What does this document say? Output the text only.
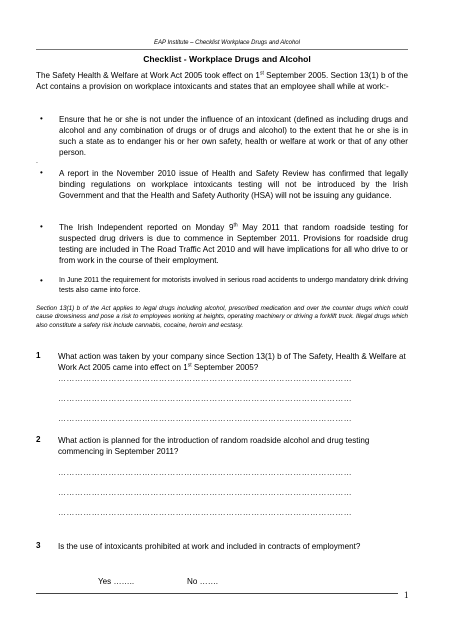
EAP Institute – Checklist Workplace Drugs and Alcohol
Checklist - Workplace Drugs and Alcohol

The Safety Health & Welfare at Work Act 2005 took effect on 1st September 2005. Section 13(1) b of the Act contains a provision on workplace intoxicants and states that an employee shall while at work:-

• Ensure that he or she is not under the influence of an intoxicant (defined as including drugs and alcohol and any combination of drugs or of drugs and alcohol) to the extent that he or she is in such a state as to endanger his or her own safety, health or welfare at work or that of any other person.

.
• A report in the November 2010 issue of Health and Safety Review has confirmed that legally binding regulations on workplace intoxicants testing will not be introduced by the Irish Government and that the Health and Safety Authority (HSA) will not be issuing any guidance.

• The Irish Independent reported on Monday 9th May 2011 that random roadside testing for suspected drug drivers is due to commence in September 2011. Provisions for roadside drug testing are included in The Road Traffic Act 2010 and will have implications for all who drive to or from work in the course of their employment.

• In June 2011 the requirement for motorists involved in serious road accidents to undergo mandatory drink driving tests also came into force.

Section 13(1) b of the Act applies to legal drugs including alcohol, prescribed medication and over the counter drugs which could cause drowsiness and pose a risk to employees working at heights, operating machinery or driving a forklift truck. Illegal drugs which also constitute a safety risk include cannabis, cocaine, heroin and ecstasy.

1 What action was taken by your company since Section 13(1) b of The Safety, Health & Welfare at Work Act 2005 came into effect on 1st September 2005?

……………………………………………………………………………………………
……………………………………………………………………………………………
……………………………………………………………………………………………
2 What action is planned for the introduction of random roadside alcohol and drug testing commencing in September 2011?

……………………………………………………………………………………………
……………………………………………………………………………………………
……………………………………………………………………………………………
3 Is the use of intoxicants prohibited at work and included in contracts of employment?

Yes ……..	No …….
1
